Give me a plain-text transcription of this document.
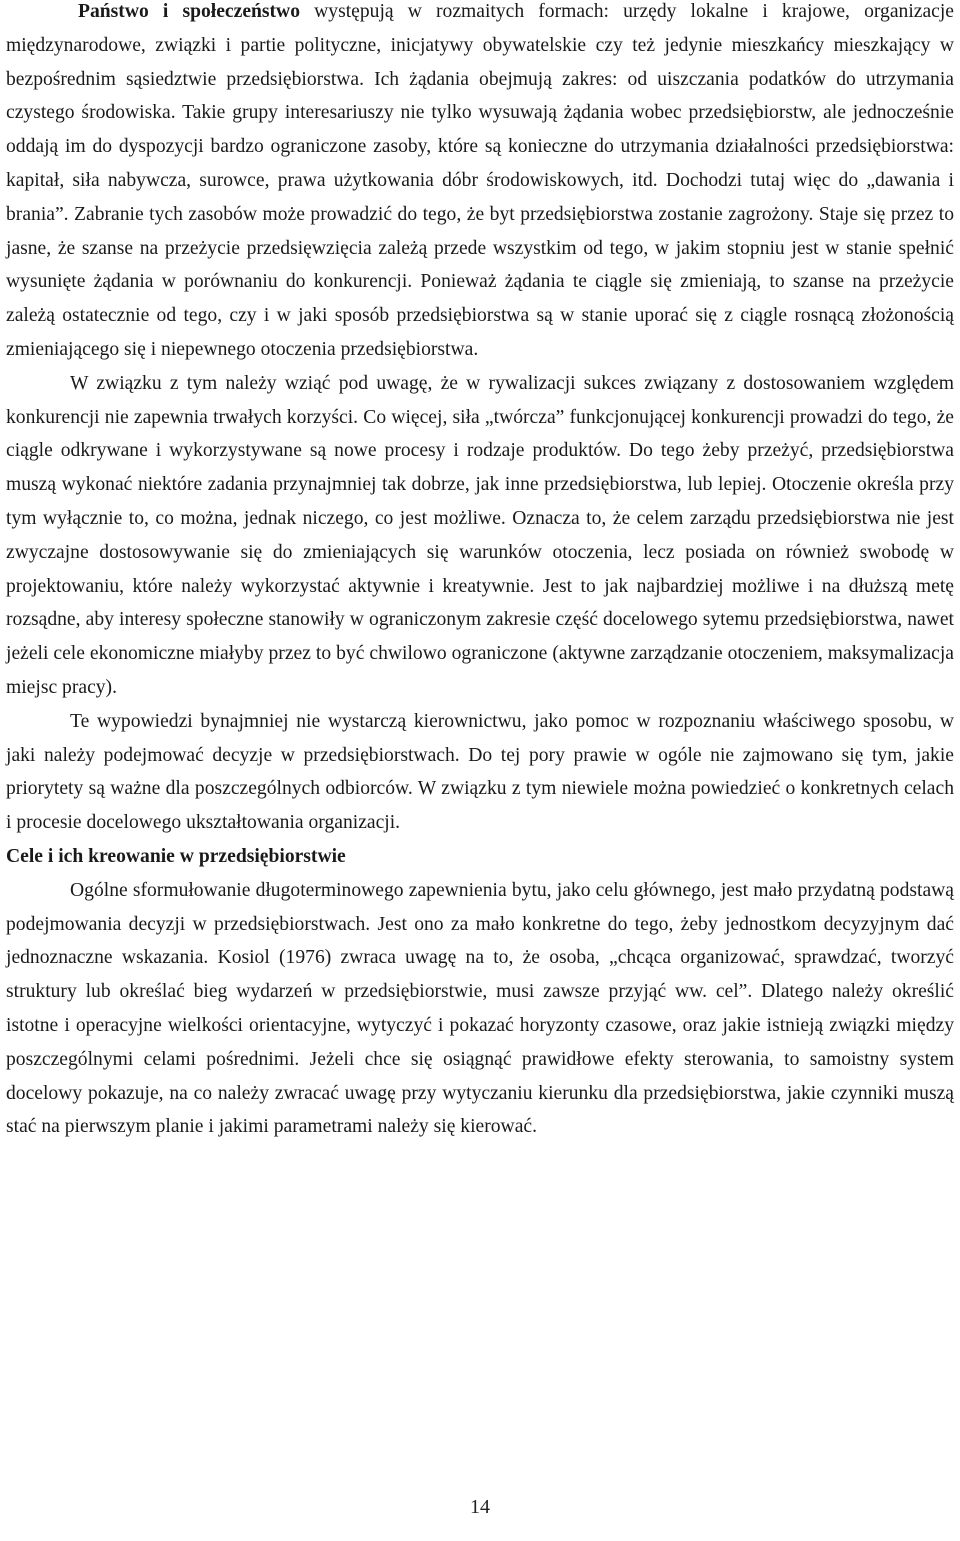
Państwo i społeczeństwo występują w rozmaitych formach: urzędy lokalne i krajowe, organizacje międzynarodowe, związki i partie polityczne, inicjatywy obywatelskie czy też jedynie mieszkańcy mieszkający w bezpośrednim sąsiedztwie przedsiębiorstwa. Ich żądania obejmują zakres: od uiszczania podatków do utrzymania czystego środowiska. Takie grupy interesariuszy nie tylko wysuwają żądania wobec przedsiębiorstw, ale jednocześnie oddają im do dyspozycji bardzo ograniczone zasoby, które są konieczne do utrzymania działalności przedsiębiorstwa: kapitał, siła nabywcza, surowce, prawa użytkowania dóbr środowiskowych, itd. Dochodzi tutaj więc do „dawania i brania”. Zabranie tych zasobów może prowadzić do tego, że byt przedsiębiorstwa zostanie zagrożony. Staje się przez to jasne, że szanse na przeżycie przedsięwzięcia zależą przede wszystkim od tego, w jakim stopniu jest w stanie spełnić wysunięte żądania w porównaniu do konkurencji. Ponieważ żądania te ciągle się zmieniają, to szanse na przeżycie zależą ostatecznie od tego, czy i w jaki sposób przedsiębiorstwa są w stanie uporać się z ciągle rosnącą złożonością zmieniającego się i niepewnego otoczenia przedsiębiorstwa.

W związku z tym należy wziąć pod uwagę, że w rywalizacji sukces związany z dostosowaniem względem konkurencji nie zapewnia trwałych korzyści. Co więcej, siła „twórcza” funkcjonującej konkurencji prowadzi do tego, że ciągle odkrywane i wykorzystywane są nowe procesy i rodzaje produktów. Do tego żeby przeżyć, przedsiębiorstwa muszą wykonać niektóre zadania przynajmniej tak dobrze, jak inne przedsiębiorstwa, lub lepiej. Otoczenie określa przy tym wyłącznie to, co można, jednak niczego, co jest możliwe. Oznacza to, że celem zarządu przedsiębiorstwa nie jest zwyczajne dostosowywanie się do zmieniających się warunków otoczenia, lecz posiada on również swobodę w projektowaniu, które należy wykorzystać aktywnie i kreatywnie. Jest to jak najbardziej możliwe i na dłuższą metę rozsądne, aby interesy społeczne stanowiły w ograniczonym zakresie część docelowego sytemu przedsiębiorstwa, nawet jeżeli cele ekonomiczne miałyby przez to być chwilowo ograniczone (aktywne zarządzanie otoczeniem, maksymalizacja miejsc pracy).

Te wypowiedzi bynajmniej nie wystarczą kierownictwu, jako pomoc w rozpoznaniu właściwego sposobu, w jaki należy podejmować decyzje w przedsiębiorstwach. Do tej pory prawie w ogóle nie zajmowano się tym, jakie priorytety są ważne dla poszczególnych odbiorców. W związku z tym niewiele można powiedzieć o konkretnych celach i procesie docelowego ukształtowania organizacji.

Cele i ich kreowanie w przedsiębiorstwie

Ogólne sformułowanie długoterminowego zapewnienia bytu, jako celu głównego, jest mało przydatną podstawą podejmowania decyzji w przedsiębiorstwach. Jest ono za mało konkretne do tego, żeby jednostkom decyzyjnym dać jednoznaczne wskazania. Kosiol (1976) zwraca uwagę na to, że osoba, „chcąca organizować, sprawdzać, tworzyć struktury lub określać bieg wydarzeń w przedsiębiorstwie, musi zawsze przyjąć ww. cel”. Dlatego należy określić istotne i operacyjne wielkości orientacyjne, wytyczyć i pokazać horyzonty czasowe, oraz jakie istnieją związki między poszczególnymi celami pośrednimi. Jeżeli chce się osiągnąć prawidłowe efekty sterowania, to samoistny system docelowy pokazuje, na co należy zwracać uwagę przy wytyczaniu kierunku dla przedsiębiorstwa, jakie czynniki muszą stać na pierwszym planie i jakimi parametrami należy się kierować.

14
